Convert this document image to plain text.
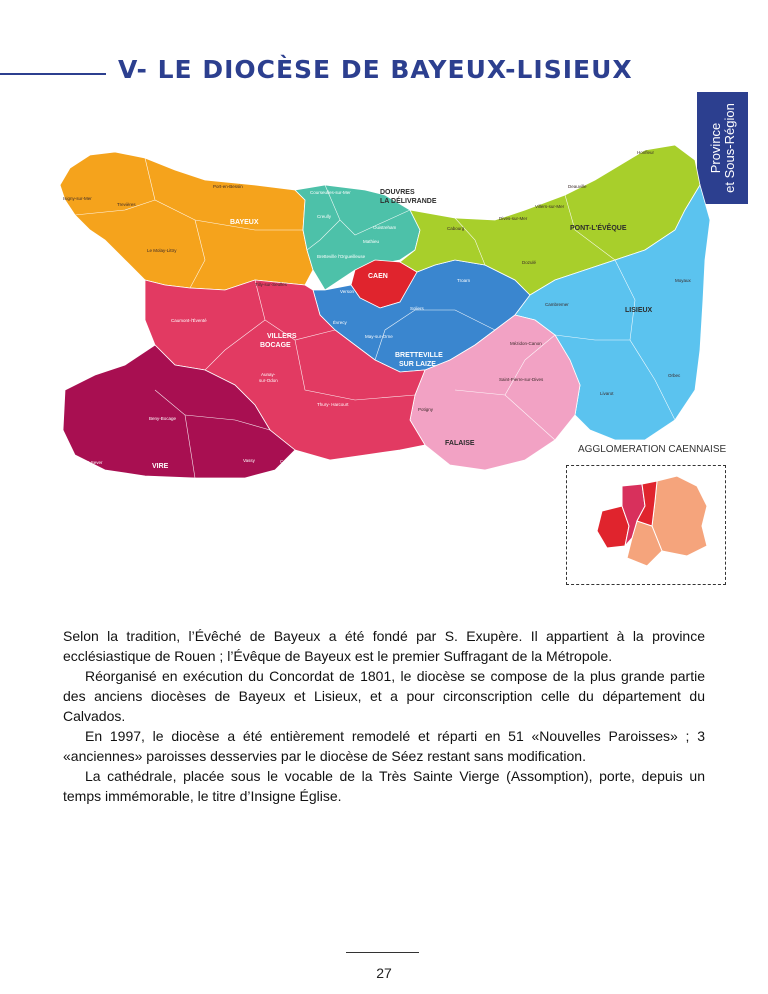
V- LE DIOCÈSE DE BAYEUX-LISIEUX
Province et Sous-Région
Honfleur
Port-en-Bessin
Isigny-sur-Mer
Trevières
Courseulles-sur-Mer
Creully
Ouistreham	Cabourg
Dives-sur-Mer
Deauville
Villers-sur-Mer
Mathieu
Le Molay-Littry
Bretteville l'Orgueilleuse
Tilly-sur-Seulles
Verson
Troarn
Dozulé
Moyaux
Cambremer
Caumont-l'Éventé	Évrecy
Soliers
May-sur-Orne
Mézidon-Canon
Aunay-
sur-Odon	Saint-Pierre-sur-Dives
Orbec
Livarot
Thury- Harcourt
Potigny
Beny-Bocage
Saint-Sever	Vassy	Condé-sur-Noireau
DOUVRES
LA DÉLIVRANDE
BAYEUX
CAEN
PONT-L'ÉVÊQUE
LISIEUX
VILLERS
BOCAGE
BRETTEVILLE
SUR LAIZE
FALAISE
VIRE
AGGLOMERATION CAENNAISE

Selon la tradition, l’Évêché de Bayeux a été fondé par S. Exupère. Il appartient à la province ecclésiastique de Rouen ; l’Évêque de Bayeux est le premier Suffragant de la Métropole.

Réorganisé en exécution du Concordat de 1801, le diocèse se compose de la plus grande partie des anciens diocèses de Bayeux et Lisieux, et a pour circonscription celle du département du Calvados.

En 1997, le diocèse a été entièrement remodelé et réparti en 51 «Nouvelles Paroisses» ; 3 «anciennes» paroisses desservies par le diocèse de Séez restant sans modification.

La cathédrale, placée sous le vocable de la Très Sainte Vierge (Assomption), porte, depuis un temps immémorable, le titre d’Insigne Église.

27
